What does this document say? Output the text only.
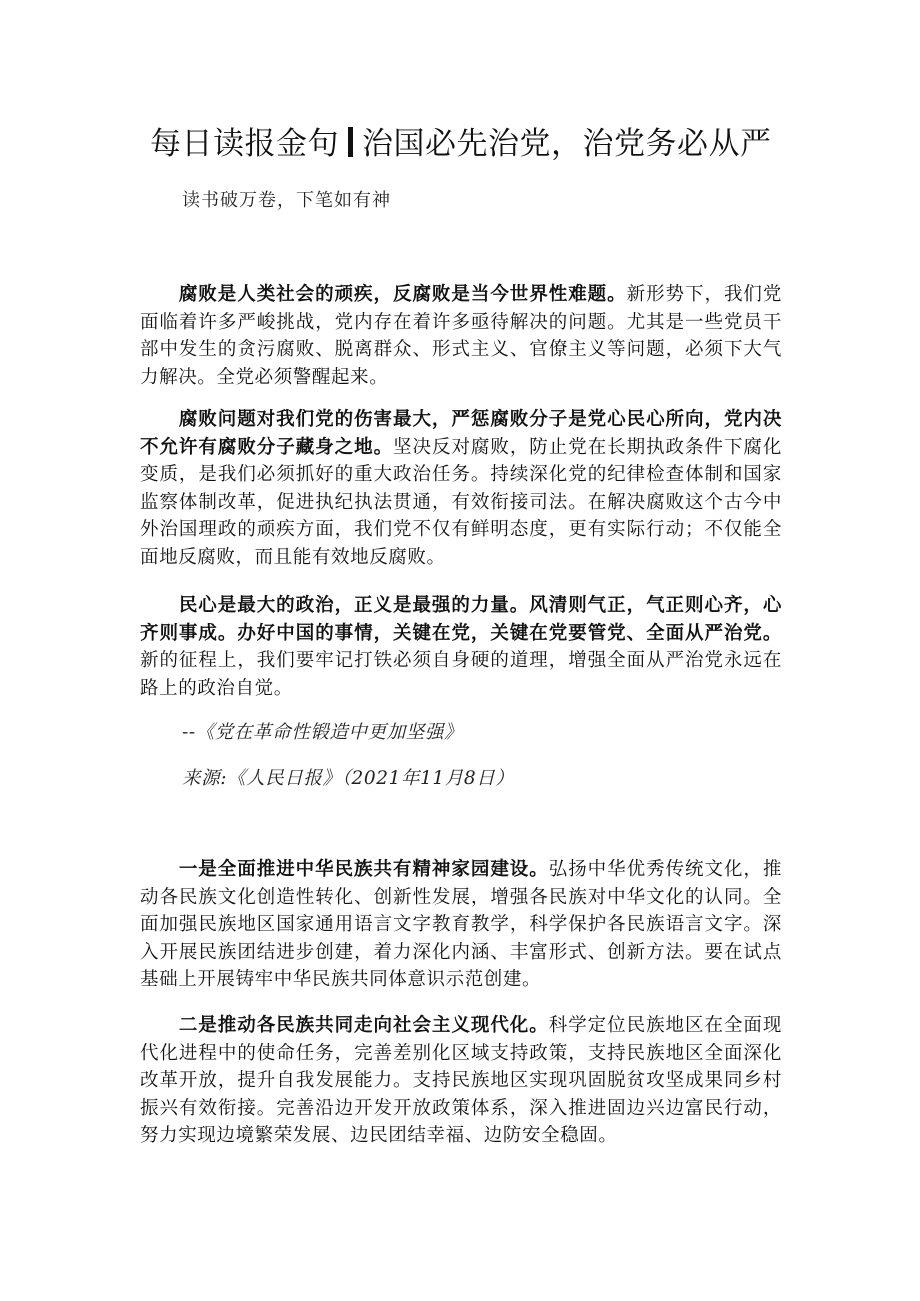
每日读报金句 治国必先治党，治党务必从严
读书破万卷，下笔如有神

腐败是人类社会的顽疾，反腐败是当今世界性难题。新形势下，我们党面临着许多严峻挑战，党内存在着许多亟待解决的问题。尤其是一些党员干部中发生的贪污腐败、脱离群众、形式主义、官僚主义等问题，必须下大气力解决。全党必须警醒起来。

腐败问题对我们党的伤害最大，严惩腐败分子是党心民心所向，党内决不允许有腐败分子藏身之地。坚决反对腐败，防止党在长期执政条件下腐化变质，是我们必须抓好的重大政治任务。持续深化党的纪律检查体制和国家监察体制改革，促进执纪执法贯通，有效衔接司法。在解决腐败这个古今中外治国理政的顽疾方面，我们党不仅有鲜明态度，更有实际行动；不仅能全面地反腐败，而且能有效地反腐败。

民心是最大的政治，正义是最强的力量。风清则气正，气正则心齐，心齐则事成。办好中国的事情，关键在党，关键在党要管党、全面从严治党。新的征程上，我们要牢记打铁必须自身硬的道理，增强全面从严治党永远在路上的政治自觉。

--《党在革命性锻造中更加坚强》
来源:《人民日报》（2021年11月8日）

一是全面推进中华民族共有精神家园建设。弘扬中华优秀传统文化，推动各民族文化创造性转化、创新性发展，增强各民族对中华文化的认同。全面加强民族地区国家通用语言文字教育教学，科学保护各民族语言文字。深入开展民族团结进步创建，着力深化内涵、丰富形式、创新方法。要在试点基础上开展铸牢中华民族共同体意识示范创建。

二是推动各民族共同走向社会主义现代化。科学定位民族地区在全面现代化进程中的使命任务，完善差别化区域支持政策，支持民族地区全面深化改革开放，提升自我发展能力。支持民族地区实现巩固脱贫攻坚成果同乡村振兴有效衔接。完善沿边开发开放政策体系，深入推进固边兴边富民行动，努力实现边境繁荣发展、边民团结幸福、边防安全稳固。
